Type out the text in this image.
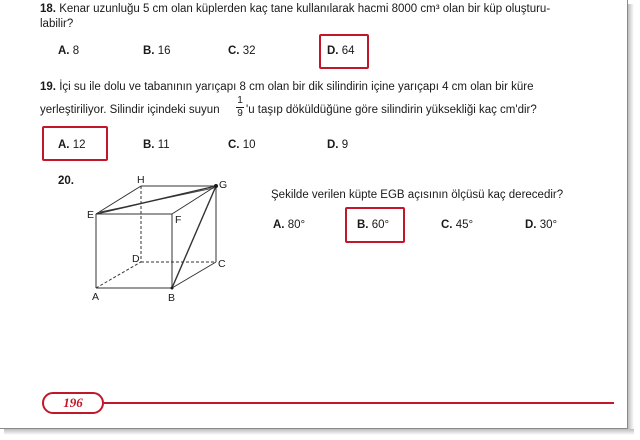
18. Kenar uzunluğu 5 cm olan küplerden kaç tane kullanılarak hacmi 8000 cm³ olan bir küp oluşturu-
labilir?
A. 8	B. 16	C. 32	D. 64
19. İçi su ile dolu ve tabanının yarıçapı 8 cm olan bir dik silindirin içine yarıçapı 4 cm olan bir küre
yerleştiriliyor. Silindir içindeki suyun
1
9 'u taşıp döküldüğüne göre silindirin yüksekliği kaç cm'dir?
A. 12	B. 11	C. 10	D. 9
20.	H	G
E	F
D	C
A	B
Şekilde verilen küpte EGB açısının ölçüsü kaç derecedir?
A. 80°	B. 60°	C. 45°	D. 30°
196
